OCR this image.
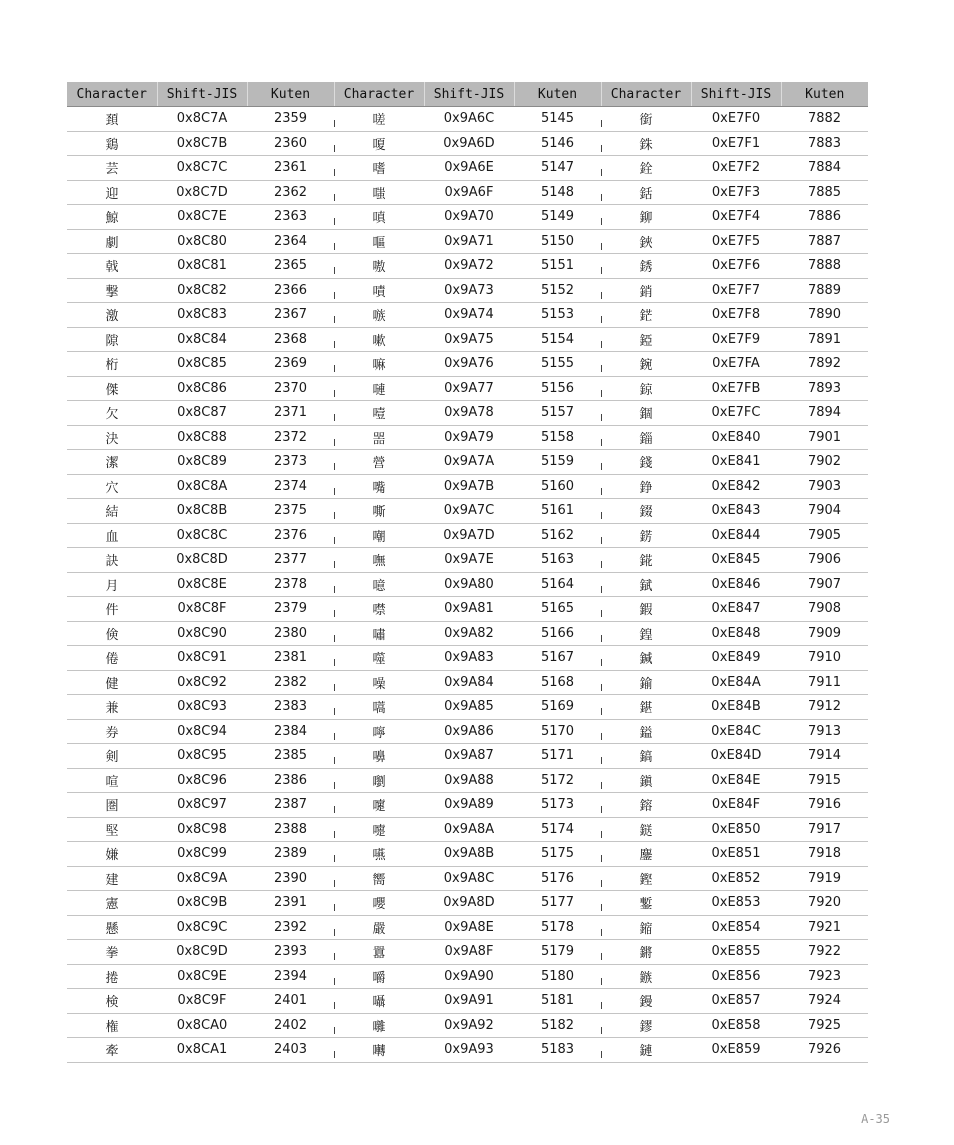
Character	Shift-JIS	Kuten	Character	Shift-JIS	Kuten	Character	Shift-JIS	Kuten
頚	0x8C7A	2359	嗟	0x9A6C	5145	銜	0xE7F0	7882
鶏	0x8C7B	2360	嗄	0x9A6D	5146	銖	0xE7F1	7883
芸	0x8C7C	2361	嗜	0x9A6E	5147	銓	0xE7F2	7884
迎	0x8C7D	2362	嗤	0x9A6F	5148	銛	0xE7F3	7885
鯨	0x8C7E	2363	嗔	0x9A70	5149	鉚	0xE7F4	7886
劇	0x8C80	2364	嘔	0x9A71	5150	鋏	0xE7F5	7887
戟	0x8C81	2365	嗷	0x9A72	5151	銹	0xE7F6	7888
撃	0x8C82	2366	嘖	0x9A73	5152	銷	0xE7F7	7889
激	0x8C83	2367	嗾	0x9A74	5153	鋩	0xE7F8	7890
隙	0x8C84	2368	嗽	0x9A75	5154	錏	0xE7F9	7891
桁	0x8C85	2369	嘛	0x9A76	5155	鋺	0xE7FA	7892
傑	0x8C86	2370	嗹	0x9A77	5156	鍄	0xE7FB	7893
欠	0x8C87	2371	噎	0x9A78	5157	錮	0xE7FC	7894
決	0x8C88	2372	噐	0x9A79	5158	錙	0xE840	7901
潔	0x8C89	2373	營	0x9A7A	5159	錢	0xE841	7902
穴	0x8C8A	2374	嘴	0x9A7B	5160	錚	0xE842	7903
結	0x8C8B	2375	嘶	0x9A7C	5161	錣	0xE843	7904
血	0x8C8C	2376	嘲	0x9A7D	5162	錺	0xE844	7905
訣	0x8C8D	2377	嘸	0x9A7E	5163	錵	0xE845	7906
月	0x8C8E	2378	噫	0x9A80	5164	錻	0xE846	7907
件	0x8C8F	2379	噤	0x9A81	5165	鍜	0xE847	7908
倹	0x8C90	2380	嘯	0x9A82	5166	鍠	0xE848	7909
倦	0x8C91	2381	噬	0x9A83	5167	鍼	0xE849	7910
健	0x8C92	2382	噪	0x9A84	5168	鍮	0xE84A	7911
兼	0x8C93	2383	嚆	0x9A85	5169	鍖	0xE84B	7912
券	0x8C94	2384	嚀	0x9A86	5170	鎰	0xE84C	7913
剣	0x8C95	2385	嚊	0x9A87	5171	鎬	0xE84D	7914
喧	0x8C96	2386	嚠	0x9A88	5172	鎭	0xE84E	7915
圏	0x8C97	2387	嚔	0x9A89	5173	鎔	0xE84F	7916
堅	0x8C98	2388	嚏	0x9A8A	5174	鎹	0xE850	7917
嫌	0x8C99	2389	嚥	0x9A8B	5175	鏖	0xE851	7918
建	0x8C9A	2390	嚮	0x9A8C	5176	鏗	0xE852	7919
憲	0x8C9B	2391	嚶	0x9A8D	5177	鏨	0xE853	7920
懸	0x8C9C	2392	嚴	0x9A8E	5178	鏥	0xE854	7921
拳	0x8C9D	2393	囂	0x9A8F	5179	鏘	0xE855	7922
捲	0x8C9E	2394	嚼	0x9A90	5180	鏃	0xE856	7923
検	0x8C9F	2401	囁	0x9A91	5181	鏝	0xE857	7924
権	0x8CA0	2402	囃	0x9A92	5182	鏐	0xE858	7925
牽	0x8CA1	2403	囀	0x9A93	5183	鏈	0xE859	7926
A-35
